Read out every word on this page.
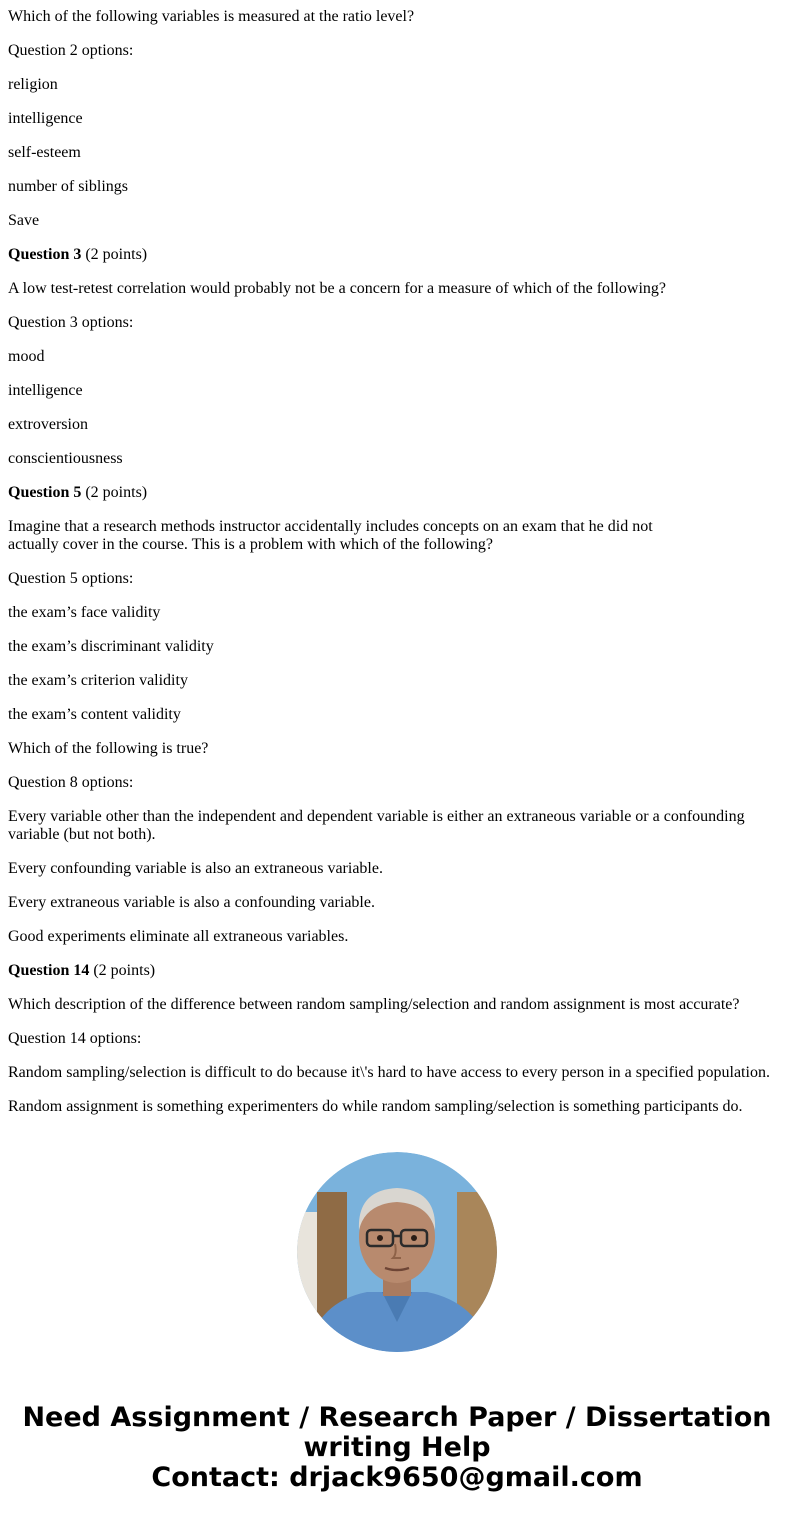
Which of the following variables is measured at the ratio level?

Question 2 options:

religion

intelligence

self-esteem

number of siblings

Save

Question 3 (2 points)

A low test-retest correlation would probably not be a concern for a measure of which of the following?

Question 3 options:

mood

intelligence

extroversion

conscientiousness

Question 5 (2 points)

Imagine that a research methods instructor accidentally includes concepts on an exam that he did not actually cover in the course. This is a problem with which of the following?

Question 5 options:

the exam’s face validity

the exam’s discriminant validity

the exam’s criterion validity

the exam’s content validity

Which of the following is true?

Question 8 options:

Every variable other than the independent and dependent variable is either an extraneous variable or a confounding variable (but not both).

Every confounding variable is also an extraneous variable.

Every extraneous variable is also a confounding variable.

Good experiments eliminate all extraneous variables.

Question 14 (2 points)

Which description of the difference between random sampling/selection and random assignment is most accurate?

Question 14 options:

Random sampling/selection is difficult to do because it\'s hard to have access to every person in a specified population.

Random assignment is something experimenters do while random sampling/selection is something participants do.

Need Assignment / Research Paper / Dissertation
writing Help
Contact: drjack9650@gmail.com
